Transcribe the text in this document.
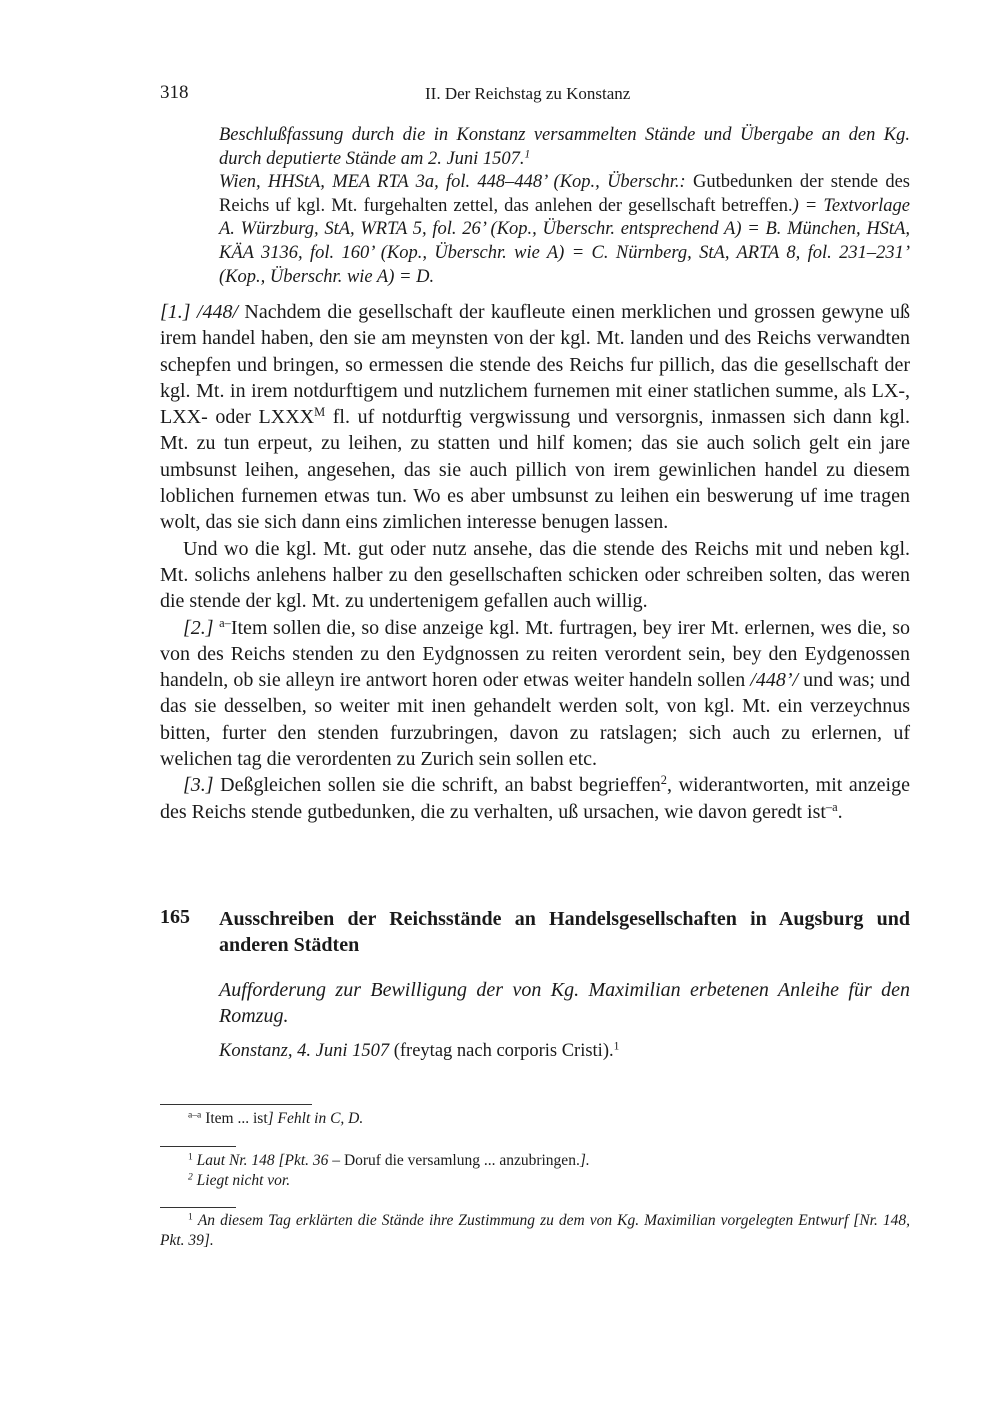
318	II. Der Reichstag zu Konstanz
Beschlußfassung durch die in Konstanz versammelten Stände und Übergabe an den Kg. durch deputierte Stände am 2. Juni 1507.$^1$
Wien, HHStA, MEA RTA 3a, fol. 448–448’ (Kop., Überschr.: Gutbedunken der stende des Reichs uf kgl. Mt. furgehalten zettel, das anlehen der gesellschaft betreffen.) = Textvorlage A. Würzburg, StA, WRTA 5, fol. 26’ (Kop., Überschr. entsprechend A) = B. München, HStA, KÄA 3136, fol. 160’ (Kop., Überschr. wie A) = C. Nürnberg, StA, ARTA 8, fol. 231–231’ (Kop., Überschr. wie A) = D.

[1.] /448/ Nachdem die gesellschaft der kaufleute einen merklichen und grossen gewyne uß irem handel haben, den sie am meynsten von der kgl. Mt. landen und des Reichs verwandten schepfen und bringen, so ermessen die stende des Reichs fur pillich, das die gesellschaft der kgl. Mt. in irem notdurftigem und nutzlichem furnemen mit einer statlichen summe, als LX-, LXX- oder $LXXX^M$ fl. uf notdurftig vergwissung und versorgnis, inmassen sich dann kgl. Mt. zu tun erpeut, zu leihen, zu statten und hilf komen; das sie auch solich gelt ein jare umbsunst leihen, angesehen, das sie auch pillich von irem gewinlichen handel zu diesem loblichen furnemen etwas tun. Wo es aber umbsunst zu leihen ein beswerung uf ime tragen wolt, das sie sich dann eins zimlichen interesse benugen lassen.

Und wo die kgl. Mt. gut oder nutz ansehe, das die stende des Reichs mit und neben kgl. Mt. solichs anlehens halber zu den gesellschaften schicken oder schreiben solten, das weren die stende der kgl. Mt. zu undertenigem gefallen auch willig.

[2.] $^{a-}$Item sollen die, so dise anzeige kgl. Mt. furtragen, bey irer Mt. erlernen, wes die, so von des Reichs stenden zu den Eydgnossen zu reiten verordent sein, bey den Eydgenossen handeln, ob sie alleyn ire antwort horen oder etwas weiter handeln sollen /448’/ und was; und das sie desselben, so weiter mit inen gehandelt werden solt, von kgl. Mt. ein verzeychnus bitten, furter den stenden furzubringen, davon zu ratslagen; sich auch zu erlernen, uf welichen tag die verordenten zu Zurich sein sollen etc.

[3.] Deßgleichen sollen sie die schrift, an babst begrieffen$^2$, widerantworten, mit anzeige des Reichs stende gutbedunken, die zu verhalten, uß ursachen, wie davon geredt ist$^{-a}$.

165 Ausschreiben der Reichsstände an Handelsgesellschaften in Augsburg und anderen Städten
Aufforderung zur Bewilligung der von Kg. Maximilian erbetenen Anleihe für den Romzug.
Konstanz, 4. Juni 1507 (freytag nach corporis Cristi).$^1$
$^{a-a}$ Item ... ist] Fehlt in C, D.
$^1$ Laut Nr. 148 [Pkt. 36 – Doruf die versamlung ... anzubringen.].
$^2$ Liegt nicht vor.
$^1$ An diesem Tag erklärten die Stände ihre Zustimmung zu dem von Kg. Maximilian vorgelegten Entwurf [Nr. 148, Pkt. 39].
